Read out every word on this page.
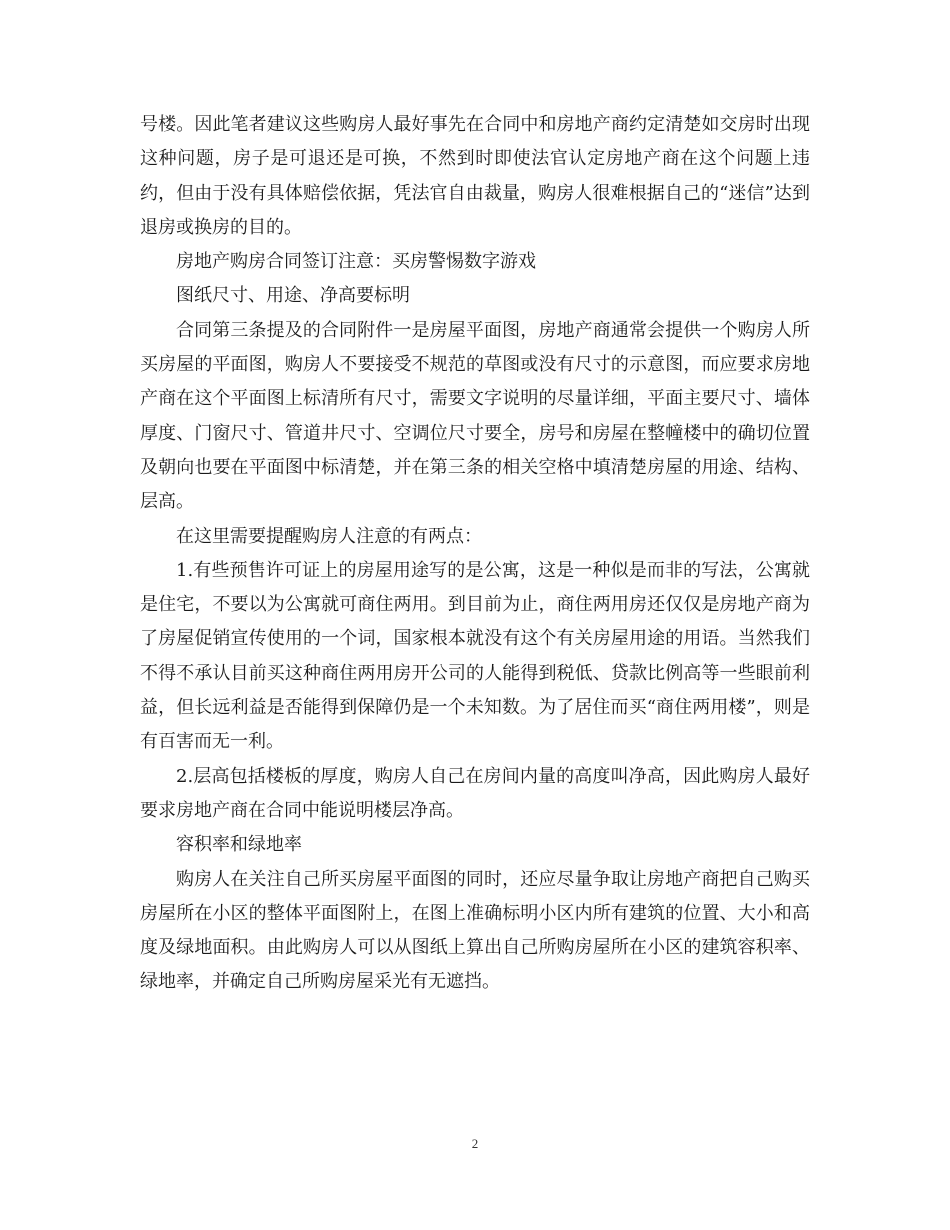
号楼。因此笔者建议这些购房人最好事先在合同中和房地产商约定清楚如交房时出现这种问题，房子是可退还是可换，不然到时即使法官认定房地产商在这个问题上违约，但由于没有具体赔偿依据，凭法官自由裁量，购房人很难根据自己的“迷信”达到退房或换房的目的。

房地产购房合同签订注意：买房警惕数字游戏

图纸尺寸、用途、净高要标明

合同第三条提及的合同附件一是房屋平面图，房地产商通常会提供一个购房人所买房屋的平面图，购房人不要接受不规范的草图或没有尺寸的示意图，而应要求房地产商在这个平面图上标清所有尺寸，需要文字说明的尽量详细，平面主要尺寸、墙体厚度、门窗尺寸、管道井尺寸、空调位尺寸要全，房号和房屋在整幢楼中的确切位置及朝向也要在平面图中标清楚，并在第三条的相关空格中填清楚房屋的用途、结构、层高。

在这里需要提醒购房人注意的有两点：

1.有些预售许可证上的房屋用途写的是公寓，这是一种似是而非的写法，公寓就是住宅，不要以为公寓就可商住两用。到目前为止，商住两用房还仅仅是房地产商为了房屋促销宣传使用的一个词，国家根本就没有这个有关房屋用途的用语。当然我们不得不承认目前买这种商住两用房开公司的人能得到税低、贷款比例高等一些眼前利益，但长远利益是否能得到保障仍是一个未知数。为了居住而买“商住两用楼”，则是有百害而无一利。

2.层高包括楼板的厚度，购房人自己在房间内量的高度叫净高，因此购房人最好要求房地产商在合同中能说明楼层净高。

容积率和绿地率

购房人在关注自己所买房屋平面图的同时，还应尽量争取让房地产商把自己购买房屋所在小区的整体平面图附上，在图上准确标明小区内所有建筑的位置、大小和高度及绿地面积。由此购房人可以从图纸上算出自己所购房屋所在小区的建筑容积率、绿地率，并确定自己所购房屋采光有无遮挡。

2
